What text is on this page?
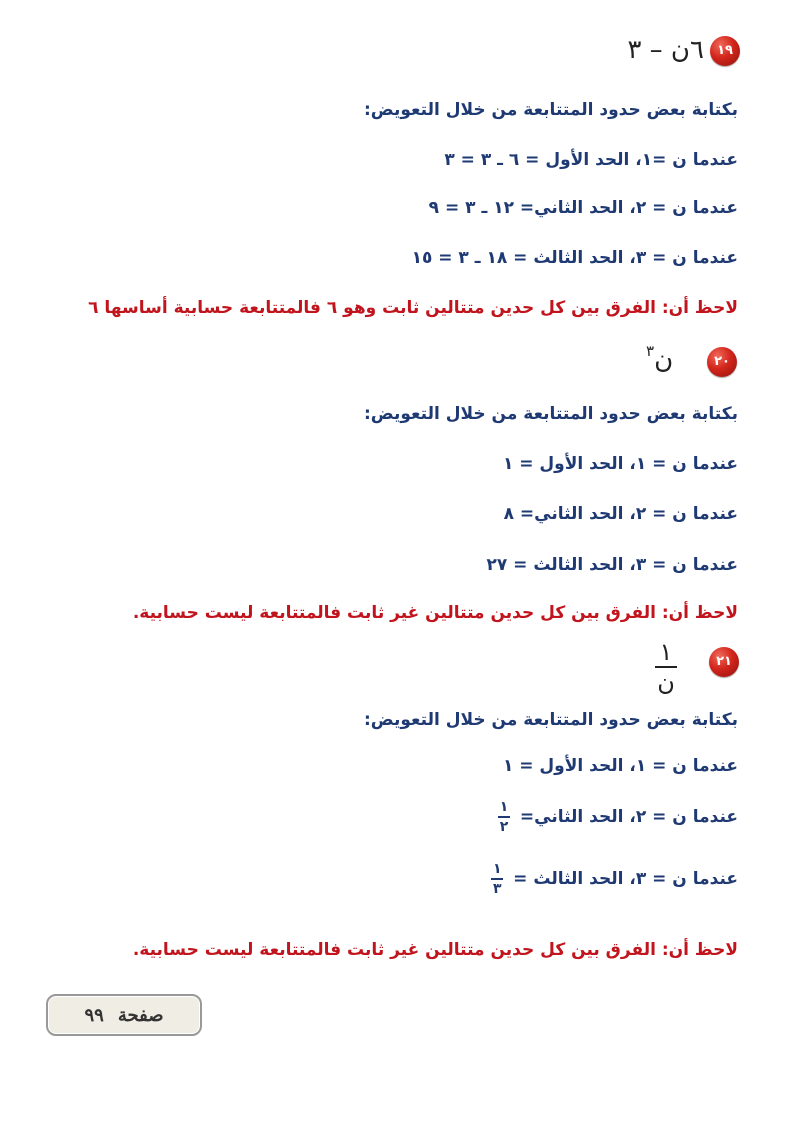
١٩
٦ن – ٣
بكتابة بعض حدود المتتابعة من خلال التعويض:
عندما ن =١، الحد الأول = ٦ ـ ٣ = ٣
عندما ن = ٢، الحد الثاني= ١٢ ـ ٣ = ٩
عندما ن = ٣، الحد الثالث = ١٨ ـ ٣ = ١٥
لاحظ أن: الفرق بين كل حدين متتالين ثابت وهو ٦ فالمتتابعة حسابية أساسها ٦
٢٠
ن$^٣$
بكتابة بعض حدود المتتابعة من خلال التعويض:
عندما ن = ١، الحد الأول = ١
عندما ن = ٢، الحد الثاني= ٨
عندما ن = ٣، الحد الثالث = ٢٧
لاحظ أن: الفرق بين كل حدين متتالين غير ثابت فالمتتابعة ليست حسابية.
٢١
١
ن
بكتابة بعض حدود المتتابعة من خلال التعويض:
عندما ن = ١، الحد الأول = ١
عندما ن = ٢، الحد الثاني=
$\frac{١}{٢}$
عندما ن = ٣، الحد الثالث =
$\frac{١}{٣}$
لاحظ أن: الفرق بين كل حدين متتالين غير ثابت فالمتتابعة ليست حسابية.
صفحة
٩٩
